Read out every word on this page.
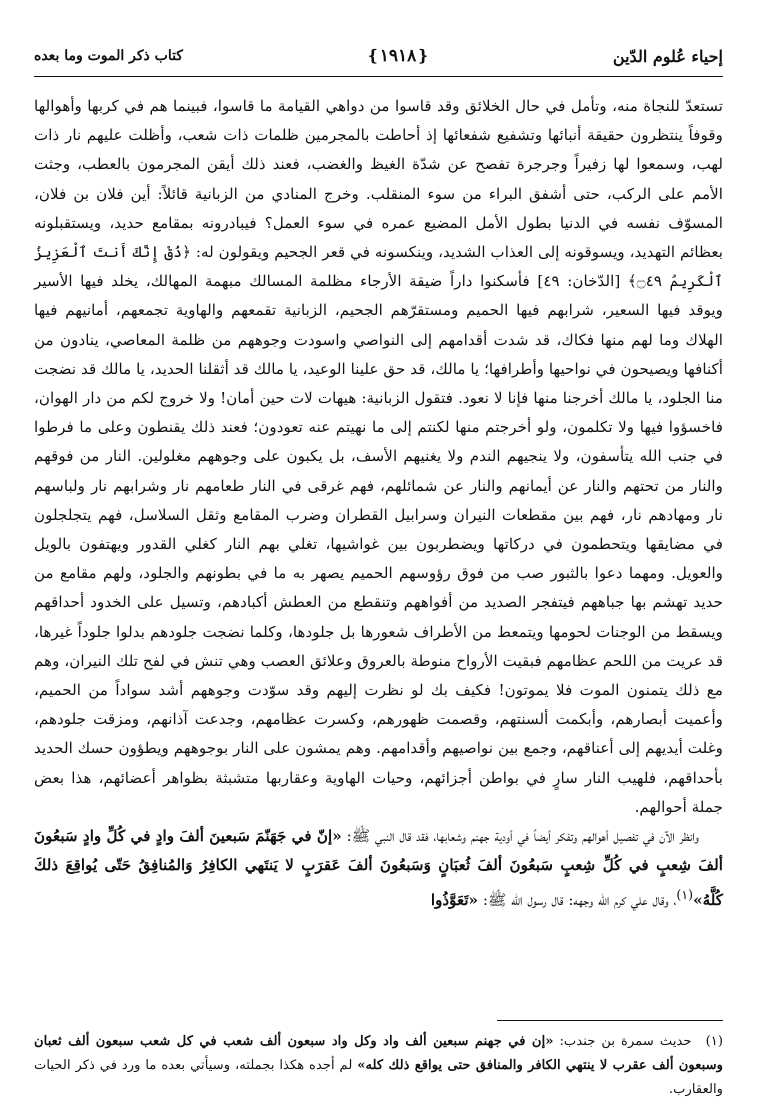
إحياء عُلوم الدّين
❴١٩١٨❵
كتاب ذكر الموت وما بعده

تستعدّ للنجاة منه، وتأمل في حال الخلائق وقد قاسوا من دواهي القيامة ما قاسوا، فبينما هم في كربها وأهوالها وقوفاً ينتظرون حقيقة أنبائها وتشفيع شفعائها إذ أحاطت بالمجرمين ظلمات ذات شعب، وأظلت عليهم نار ذات لهب، وسمعوا لها زفيراً وجرجرة تفصح عن شدّة الغيظ والغضب، فعند ذلك أيقن المجرمون بالعطب، وجثت الأمم على الركب، حتى أشفق البراء من سوء المنقلب. وخرج المنادي من الزبانية قائلاً: أين فلان بن فلان، المسوّف نفسه في الدنيا بطول الأمل المضيع عمره في سوء العمل؟ فيبادرونه بمقامع حديد، ويستقبلونه بعظائم التهديد، ويسوقونه إلى العذاب الشديد، وينكسونه في قعر الجحيم ويقولون له: ﴿ذُقْ إِنَّكَ أَنتَ ٱلْعَزِيزُ ٱلْكَرِيمُ ۝٤٩﴾ [الدّخان: ٤٩] فأسكنوا داراً ضيقة الأرجاء مظلمة المسالك مبهمة المهالك، يخلد فيها الأسير ويوقد فيها السعير، شرابهم فيها الحميم ومستقرّهم الجحيم، الزبانية تقمعهم والهاوية تجمعهم، أمانيهم فيها الهلاك وما لهم منها فكاك، قد شدت أقدامهم إلى النواصي واسودت وجوههم من ظلمة المعاصي، ينادون من أكنافها ويصيحون في نواحيها وأطرافها؛ يا مالك، قد حق علينا الوعيد، يا مالك قد أثقلنا الحديد، يا مالك قد نضجت منا الجلود، يا مالك أخرجنا منها فإنا لا نعود. فتقول الزبانية: هيهات لات حين أمان! ولا خروج لكم من دار الهوان، فاخسؤوا فيها ولا تكلمون، ولو أخرجتم منها لكنتم إلى ما نهيتم عنه تعودون؛ فعند ذلك يقنطون وعلى ما فرطوا في جنب الله يتأسفون، ولا ينجيهم الندم ولا يغنيهم الأسف، بل يكبون على وجوههم مغلولين. النار من فوقهم والنار من تحتهم والنار عن أيمانهم والنار عن شمائلهم، فهم غرقى في النار طعامهم نار وشرابهم نار ولباسهم نار ومهادهم نار، فهم بين مقطعات النيران وسرابيل القطران وضرب المقامع وثقل السلاسل، فهم يتجلجلون في مضايقها ويتحطمون في دركاتها ويضطربون بين غواشيها، تغلي بهم النار كغلي القدور ويهتفون بالويل والعويل. ومهما دعوا بالثبور صب من فوق رؤوسهم الحميم يصهر به ما في بطونهم والجلود، ولهم مقامع من حديد تهشم بها جباههم فيتفجر الصديد من أفواههم وتنقطع من العطش أكبادهم، وتسيل على الخدود أحداقهم ويسقط من الوجنات لحومها ويتمعط من الأطراف شعورها بل جلودها، وكلما نضجت جلودهم بدلوا جلوداً غيرها، قد عريت من اللحم عظامهم فبقيت الأرواح منوطة بالعروق وعلائق العصب وهي تنش في لفح تلك النيران، وهم مع ذلك يتمنون الموت فلا يموتون! فكيف بك لو نظرت إليهم وقد سوّدت وجوههم أشد سواداً من الحميم، وأعميت أبصارهم، وأبكمت ألسنتهم، وقصمت ظهورهم، وكسرت عظامهم، وجدعت آذانهم، ومزقت جلودهم، وغلت أيديهم إلى أعناقهم، وجمع بين نواصيهم وأقدامهم. وهم يمشون على النار بوجوههم ويطؤون حسك الحديد بأحداقهم، فلهيب النار سارٍ في بواطن أجزائهم، وحيات الهاوية وعقاربها متشبثة بظواهر أعضائهم، هذا بعض جملة أحوالهم.

وانظر الآن في تفصيل أهوالهم وتفكر أيضاً في أودية جهنم وشعابها، فقد قال النبي ﷺ: «إنّ في جَهَنّمَ سَبعينَ ألفَ وادٍ في كُلِّ وادٍ سَبعُونَ ألفَ شِعبٍ في كُلِّ شِعبٍ سَبعُونَ ألفَ ثُعبَانٍ وَسَبعُونَ ألفَ عَقرَبٍ لا يَنتَهي الكافِرُ وَالمُنافِقُ حَتّى يُواقِعَ ذلكَ كُلَّهُ»$^{(١)}$، وقال علي كرم الله وجهه: قال رسول الله ﷺ: «تَعَوَّذُوا

(١)حديث سمرة بن جندب: «إن في جهنم سبعين ألف واد وكل واد سبعون ألف شعب في كل شعب سبعون ألف ثعبان وسبعون ألف عقرب لا ينتهي الكافر والمنافق حتى يواقع ذلك كله» لم أجده هكذا بجملته، وسيأتي بعده ما ورد في ذكر الحيات والعقارب.
